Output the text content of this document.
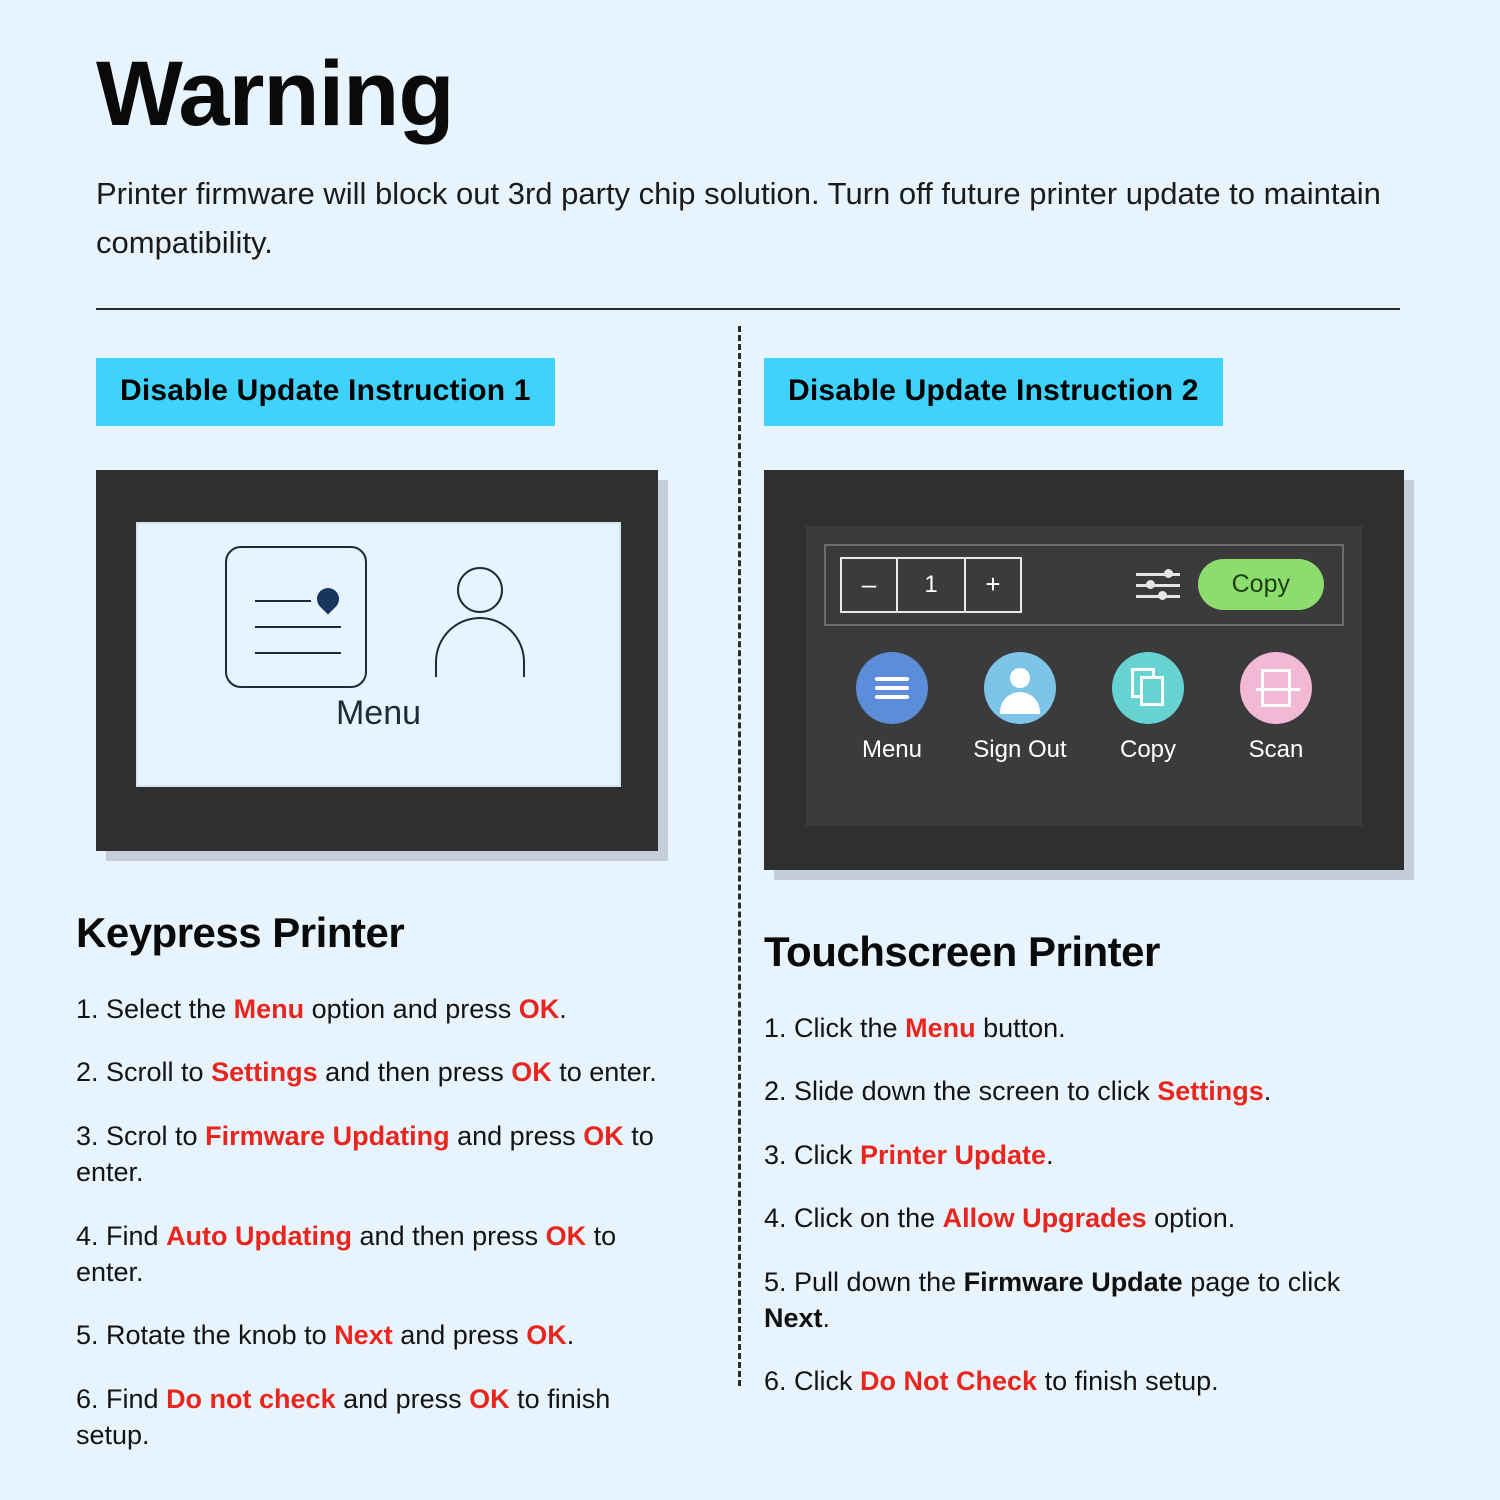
Warning

Printer firmware will block out 3rd party chip solution. Turn off future printer update to maintain compatibility.

Disable Update Instruction 1
Menu
Keypress Printer
1. Select the Menu option and press OK.
2. Scroll to Settings and then press OK to enter.
3. Scrol to Firmware Updating and press OK to enter.
4. Find Auto Updating and then press OK to enter.
5. Rotate the knob to Next and press OK.
6. Find Do not check and press OK to finish setup.
Disable Update Instruction 2
–	1	+	Copy
Menu	Sign Out	Copy	Scan
Touchscreen Printer
1. Click the Menu button.
2. Slide down the screen to click Settings.
3. Click Printer Update.
4. Click on the Allow Upgrades option.
5. Pull down the Firmware Update page to click Next.
6. Click Do Not Check to finish setup.
